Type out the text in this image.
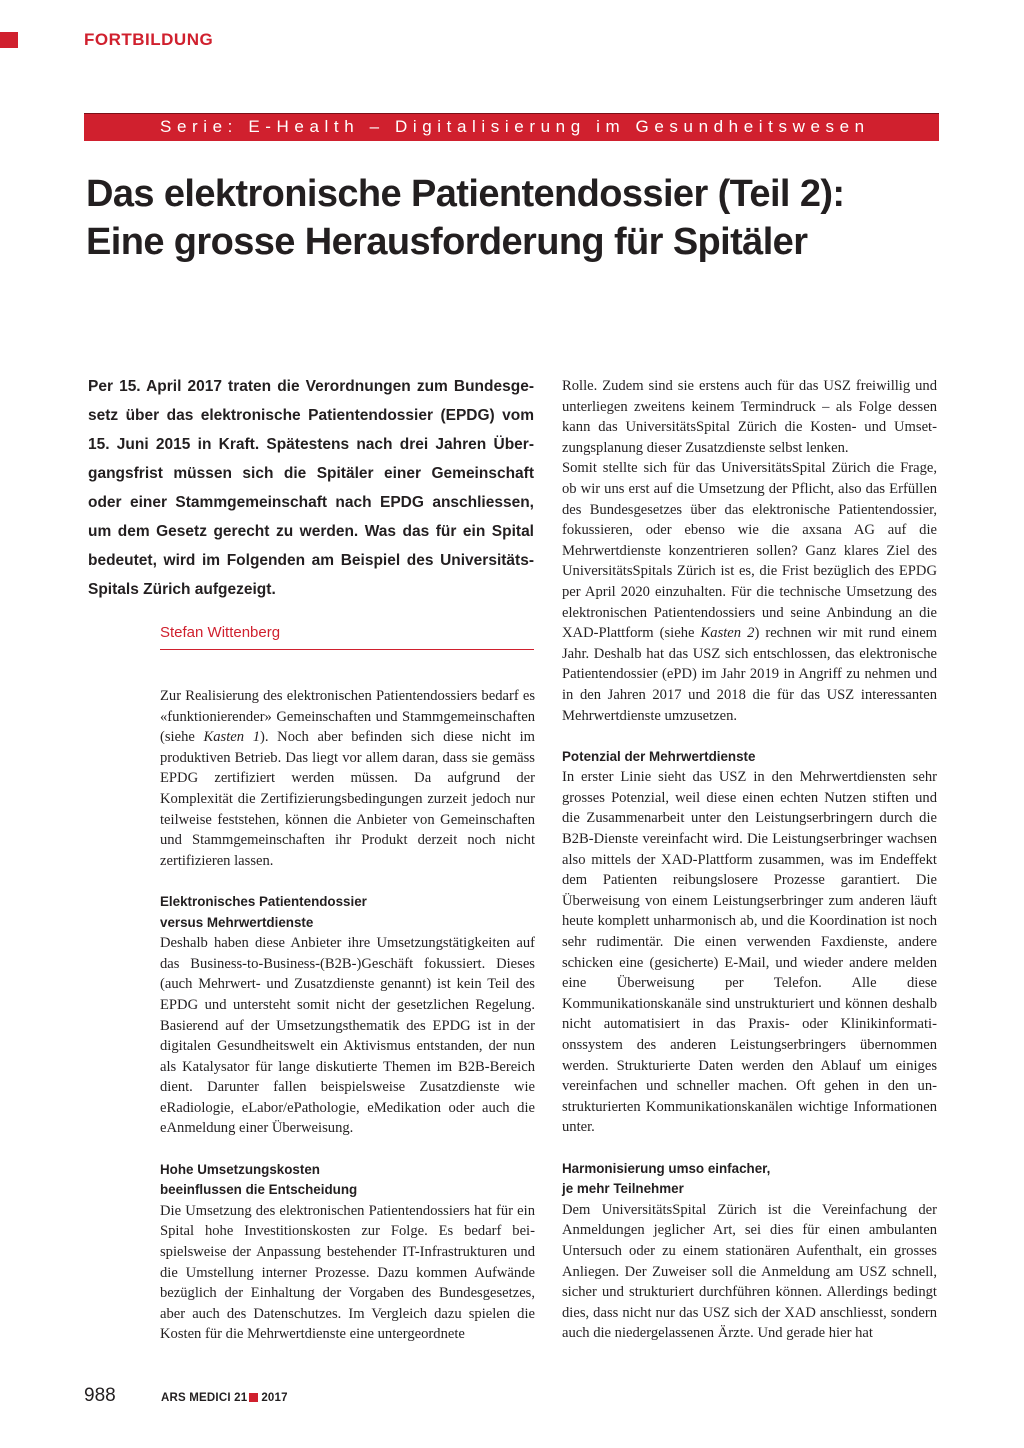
FORTBILDUNG
Serie: E-Health – Digitalisierung im Gesundheitswesen
Das elektronische Patientendossier (Teil 2):
Eine grosse Herausforderung für Spitäler

Per 15. April 2017 traten die Verordnungen zum Bundesgesetz über das elektronische Patientendossier (EPDG) vom 15. Juni 2015 in Kraft. Spätestens nach drei Jahren Übergangsfrist müssen sich die Spitäler einer Gemeinschaft oder einer Stammgemeinschaft nach EPDG anschliessen, um dem Gesetz gerecht zu werden. Was das für ein Spital bedeutet, wird im Folgenden am Beispiel des UniversitätsSpitals Zürich aufgezeigt.

Stefan Wittenberg

Zur Realisierung des elektronischen Patientendossiers bedarf es «funktionierender» Gemeinschaften und Stammgemeinschaften (siehe Kasten 1). Noch aber befinden sich diese nicht im produktiven Betrieb. Das liegt vor allem daran, dass sie gemäss EPDG zertifiziert werden müssen. Da aufgrund der Komplexität die Zertifizierungsbedingungen zurzeit jedoch nur teilweise feststehen, können die Anbieter von Gemeinschaften und Stammgemeinschaften ihr Produkt derzeit noch nicht zertifizieren lassen.

Elektronisches Patientendossier
versus Mehrwertdienste

Deshalb haben diese Anbieter ihre Umsetzungstätigkeiten auf das Business-to-Business-(B2B-)Geschäft fokussiert. Dieses (auch Mehrwert- und Zusatzdienste genannt) ist kein Teil des EPDG und untersteht somit nicht der gesetzlichen Regelung. Basierend auf der Umsetzungsthematik des EPDG ist in der digitalen Gesundheitswelt ein Aktivismus entstanden, der nun als Katalysator für lange diskutierte Themen im B2B-Bereich dient. Darunter fallen beispielsweise Zusatzdienste wie eRadiologie, eLabor/ePathologie, eMedikation oder auch die eAnmeldung einer Überweisung.

Hohe Umsetzungskosten
beeinflussen die Entscheidung

Die Umsetzung des elektronischen Patientendossiers hat für ein Spital hohe Investitionskosten zur Folge. Es bedarf beispielsweise der Anpassung bestehender IT-Infrastrukturen und die Umstellung interner Prozesse. Dazu kommen Aufwände bezüglich der Einhaltung der Vorgaben des Bundesgesetzes, aber auch des Datenschutzes. Im Vergleich dazu spielen die Kosten für die Mehrwertdienste eine untergeordnete

Rolle. Zudem sind sie erstens auch für das USZ freiwillig und unterliegen zweitens keinem Termindruck – als Folge dessen kann das UniversitätsSpital Zürich die Kosten- und Umsetzungsplanung dieser Zusatzdienste selbst lenken.

Somit stellte sich für das UniversitätsSpital Zürich die Frage, ob wir uns erst auf die Umsetzung der Pflicht, also das Erfüllen des Bundesgesetzes über das elektronische Patientendossier, fokussieren, oder ebenso wie die axsana AG auf die Mehrwertdienste konzentrieren sollen? Ganz klares Ziel des UniversitätsSpitals Zürich ist es, die Frist bezüglich des EPDG per April 2020 einzuhalten. Für die technische Umsetzung des elektronischen Patientendossiers und seine Anbindung an die XAD-Plattform (siehe Kasten 2) rechnen wir mit rund einem Jahr. Deshalb hat das USZ sich entschlossen, das elektronische Patientendossier (ePD) im Jahr 2019 in Angriff zu nehmen und in den Jahren 2017 und 2018 die für das USZ interessanten Mehrwertdienste umzusetzen.

Potenzial der Mehrwertdienste

In erster Linie sieht das USZ in den Mehrwertdiensten sehr grosses Potenzial, weil diese einen echten Nutzen stiften und die Zusammenarbeit unter den Leistungserbringern durch die B2B-Dienste vereinfacht wird. Die Leistungserbringer wachsen also mittels der XAD-Plattform zusammen, was im Endeffekt dem Patienten reibungslosere Prozesse garantiert. Die Überweisung von einem Leistungserbringer zum anderen läuft heute komplett unharmonisch ab, und die Koordination ist noch sehr rudimentär. Die einen verwenden Faxdienste, andere schicken eine (gesicherte) E-Mail, und wieder andere melden eine Überweisung per Telefon. Alle diese Kommunikationskanäle sind unstrukturiert und können deshalb nicht automatisiert in das Praxis- oder Klinikinformationssystem des anderen Leistungserbringers übernommen werden. Strukturierte Daten werden den Ablauf um einiges vereinfachen und schneller machen. Oft gehen in den unstrukturierten Kommunikationskanälen wichtige Informationen unter.

Harmonisierung umso einfacher,
je mehr Teilnehmer

Dem UniversitätsSpital Zürich ist die Vereinfachung der Anmeldungen jeglicher Art, sei dies für einen ambulanten Untersuch oder zu einem stationären Aufenthalt, ein grosses Anliegen. Der Zuweiser soll die Anmeldung am USZ schnell, sicher und strukturiert durchführen können. Allerdings bedingt dies, dass nicht nur das USZ sich der XAD anschliesst, sondern auch die niedergelassenen Ärzte. Und gerade hier hat

988	ARS MEDICI 21 2017
